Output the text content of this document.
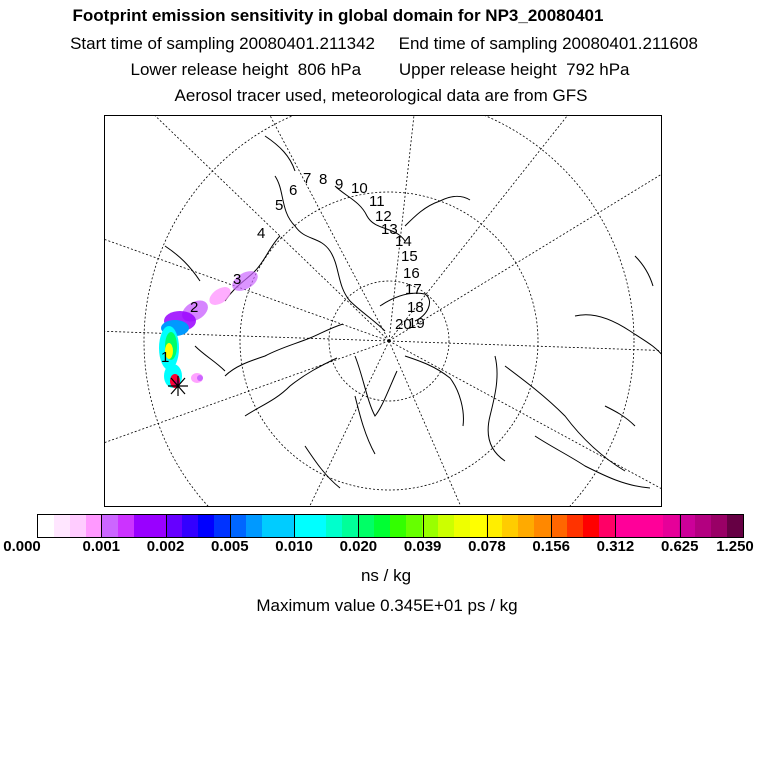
Footprint emission sensitivity in global domain for NP3_20080401
Start time of sampling 20080401.211342     End time of sampling 20080401.211608
Lower release height  806 hPa        Upper release height  792 hPa
Aerosol tracer used, meteorological data are from GFS
1
2
3
4
5
6
7 8 9 10
11
12
13
14
15
16
17
18
19
20
0.000	0.001 0.002 0.005 0.010 0.020 0.039 0.078 0.156 0.312 0.625 1.250
ns / kg
Maximum value 0.345E+01 ps / kg
